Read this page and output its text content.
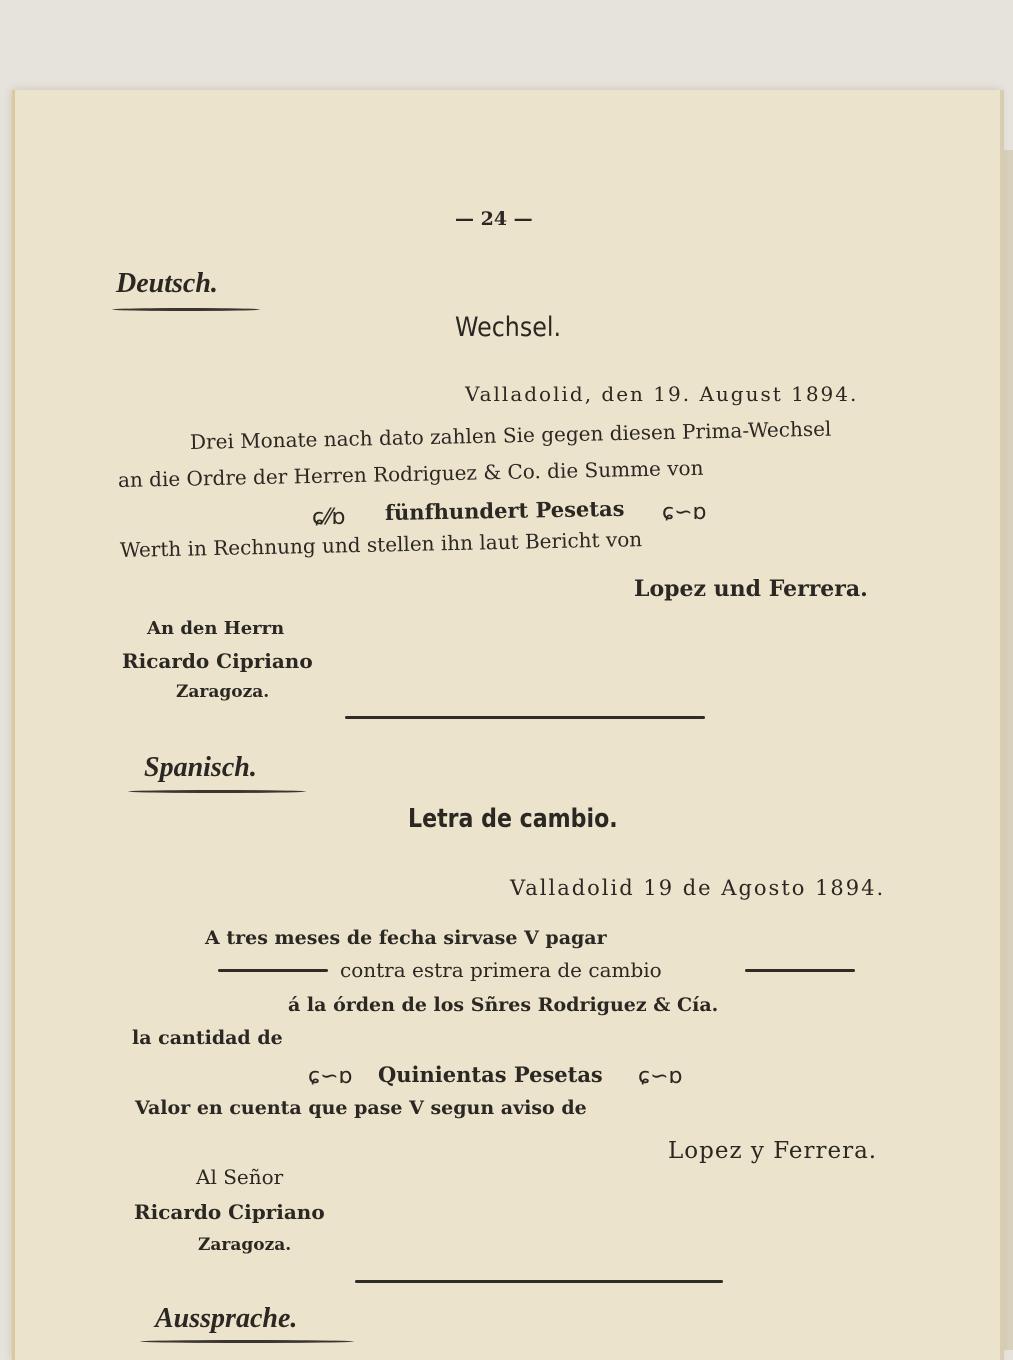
— 24 —
Deutsch.
Wechsel.
Valladolid, den 19. August 1894.
Drei Monate nach dato zahlen Sie gegen diesen Prima-Wechsel
an die Ordre der Herren Rodriguez & Co. die Summe von
ɕ⁄⁄ɒ fünfhundert Pesetas ɕ∽ɒ
Werth in Rechnung und stellen ihn laut Bericht von
Lopez und Ferrera.
An den Herrn
Ricardo Cipriano
Zaragoza.
Spanisch.
Letra de cambio.
Valladolid 19 de Agosto 1894.
A tres meses de fecha sirvase V pagar
contra estra primera de cambio
á la órden de los Sñres Rodriguez & Cía.
la cantidad de
ɕ∽ɒ Quinientas Pesetas ɕ∽ɒ
Valor en cuenta que pase V segun aviso de
Lopez y Ferrera.
Al Señor
Ricardo Cipriano
Zaragoza.
Aussprache.
